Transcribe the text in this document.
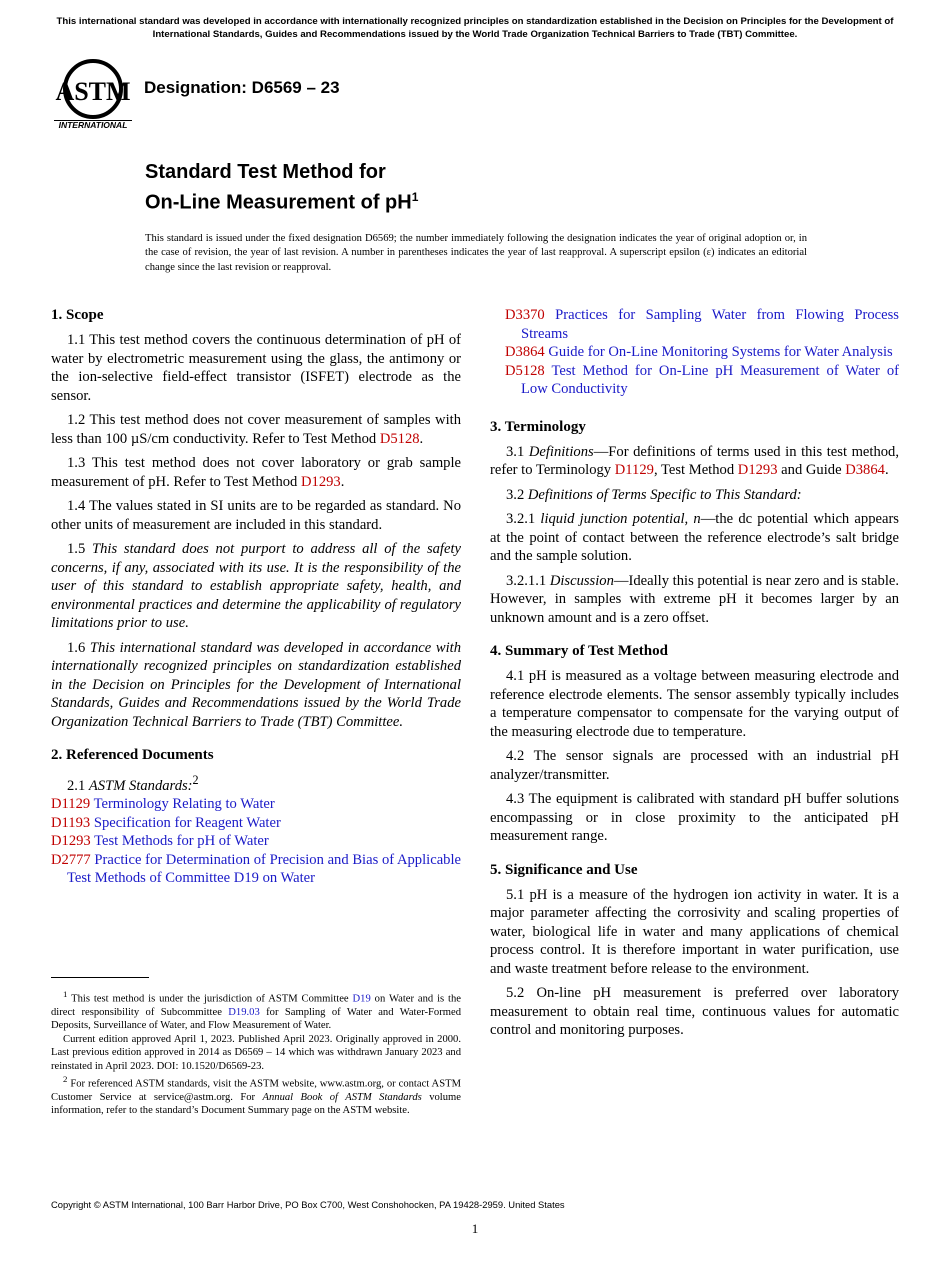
This international standard was developed in accordance with internationally recognized principles on standardization established in the Decision on Principles for the Development of International Standards, Guides and Recommendations issued by the World Trade Organization Technical Barriers to Trade (TBT) Committee.
ASTM
INTERNATIONAL
Designation: D6569 – 23
Standard Test Method for
On-Line Measurement of $pH^1$
This standard is issued under the fixed designation D6569; the number immediately following the designation indicates the year of original adoption or, in the case of revision, the year of last revision. A number in parentheses indicates the year of last reapproval. A superscript epsilon (ε) indicates an editorial change since the last revision or reapproval.
1. Scope

1.1 This test method covers the continuous determination of pH of water by electrometric measurement using the glass, the antimony or the ion-selective field-effect transistor (ISFET) electrode as the sensor.

1.2 This test method does not cover measurement of samples with less than 100 µS/cm conductivity. Refer to Test Method D5128.

1.3 This test method does not cover laboratory or grab sample measurement of pH. Refer to Test Method D1293.

1.4 The values stated in SI units are to be regarded as standard. No other units of measurement are included in this standard.

1.5 This standard does not purport to address all of the safety concerns, if any, associated with its use. It is the responsibility of the user of this standard to establish appropriate safety, health, and environmental practices and determine the applicability of regulatory limitations prior to use.

1.6 This international standard was developed in accordance with internationally recognized principles on standardization established in the Decision on Principles for the Development of International Standards, Guides and Recommendations issued by the World Trade Organization Technical Barriers to Trade (TBT) Committee.

2. Referenced Documents
2.1 ASTM Standards:$^2$
D1129 Terminology Relating to Water
D1193 Specification for Reagent Water
D1293 Test Methods for pH of Water
D2777 Practice for Determination of Precision and Bias of Applicable Test Methods of Committee D19 on Water

$^1$ This test method is under the jurisdiction of ASTM Committee D19 on Water and is the direct responsibility of Subcommittee D19.03 for Sampling of Water and Water-Formed Deposits, Surveillance of Water, and Flow Measurement of Water.

Current edition approved April 1, 2023. Published April 2023. Originally approved in 2000. Last previous edition approved in 2014 as D6569 – 14 which was withdrawn January 2023 and reinstated in April 2023. DOI: 10.1520/D6569-23.

$^2$ For referenced ASTM standards, visit the ASTM website, www.astm.org, or contact ASTM Customer Service at service@astm.org. For Annual Book of ASTM Standards volume information, refer to the standard’s Document Summary page on the ASTM website.

D3370 Practices for Sampling Water from Flowing Process Streams
D3864 Guide for On-Line Monitoring Systems for Water Analysis
D5128 Test Method for On-Line pH Measurement of Water of Low Conductivity
3. Terminology

3.1 Definitions—For definitions of terms used in this test method, refer to Terminology D1129, Test Method D1293 and Guide D3864.

3.2 Definitions of Terms Specific to This Standard:

3.2.1 liquid junction potential, n—the dc potential which appears at the point of contact between the reference electrode’s salt bridge and the sample solution.

3.2.1.1 Discussion—Ideally this potential is near zero and is stable. However, in samples with extreme pH it becomes larger by an unknown amount and is a zero offset.

4. Summary of Test Method

4.1 pH is measured as a voltage between measuring electrode and reference electrode elements. The sensor assembly typically includes a temperature compensator to compensate for the varying output of the measuring electrode due to temperature.

4.2 The sensor signals are processed with an industrial pH analyzer/transmitter.

4.3 The equipment is calibrated with standard pH buffer solutions encompassing or in close proximity to the anticipated pH measurement range.

5. Significance and Use

5.1 pH is a measure of the hydrogen ion activity in water. It is a major parameter affecting the corrosivity and scaling properties of water, biological life in water and many applications of chemical process control. It is therefore important in water purification, use and waste treatment before release to the environment.

5.2 On-line pH measurement is preferred over laboratory measurement to obtain real time, continuous values for automatic control and monitoring purposes.

Copyright © ASTM International, 100 Barr Harbor Drive, PO Box C700, West Conshohocken, PA 19428-2959. United States
1
